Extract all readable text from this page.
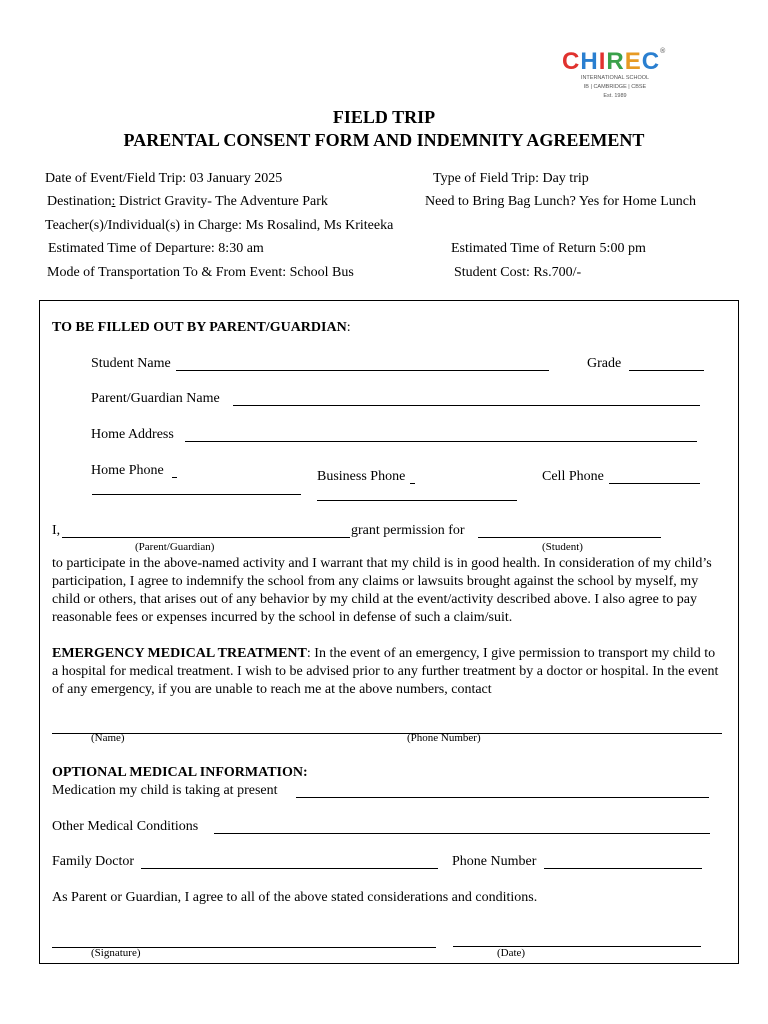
CHIREC®
INTERNATIONAL SCHOOL
IB | CAMBRIDGE | CBSE
Est. 1989
FIELD TRIP
PARENTAL CONSENT FORM AND INDEMNITY AGREEMENT
Date of Event/Field Trip: 03 January 2025	Type of Field Trip: Day trip
Destination: District Gravity- The Adventure Park	Need to Bring Bag Lunch? Yes for Home Lunch
Teacher(s)/Individual(s) in Charge: Ms Rosalind, Ms Kriteeka
Estimated Time of Departure: 8:30 am	Estimated Time of Return 5:00 pm
Mode of Transportation To & From Event: School Bus	Student Cost: Rs.700/-
TO BE FILLED OUT BY PARENT/GUARDIAN:
Student Name	Grade
Parent/Guardian Name
Home Address
Home Phone	Business Phone	Cell Phone
I,	grant permission for
(Parent/Guardian)	(Student)
to participate in the above-named activity and I warrant that my child is in good health. In consideration of my child’s participation, I agree to indemnify the school from any claims or lawsuits brought against the school by myself, my child or others, that arises out of any behavior by my child at the event/activity described above. I also agree to pay reasonable fees or expenses incurred by the school in defense of such a claim/suit.
EMERGENCY MEDICAL TREATMENT: In the event of an emergency, I give permission to transport my child to a hospital for medical treatment. I wish to be advised prior to any further treatment by a doctor or hospital. In the event of any emergency, if you are unable to reach me at the above numbers, contact
(Name)	(Phone Number)
OPTIONAL MEDICAL INFORMATION:
Medication my child is taking at present
Other Medical Conditions
Family Doctor	Phone Number
As Parent or Guardian, I agree to all of the above stated considerations and conditions.
(Signature)	(Date)
